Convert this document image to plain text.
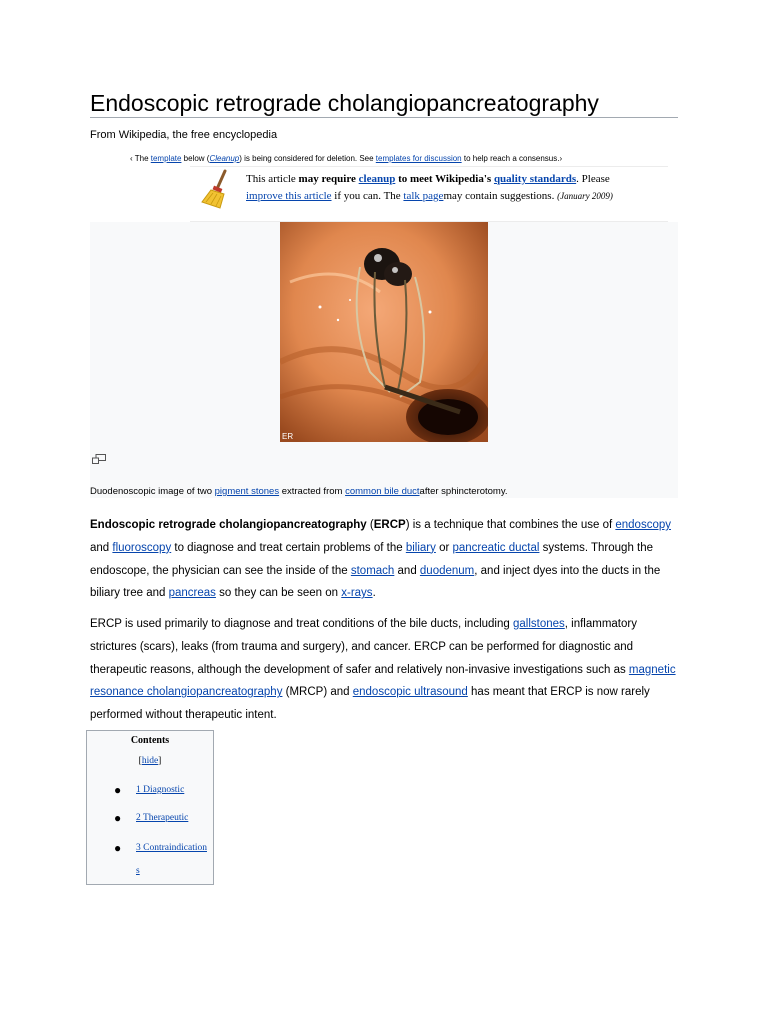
Endoscopic retrograde cholangiopancreatography
From Wikipedia, the free encyclopedia
‹ The template below (Cleanup) is being considered for deletion. See templates for discussion to help reach a consensus.›
This article may require cleanup to meet Wikipedia's quality standards. Please improve this article if you can. The talk pagemay contain suggestions. (January 2009)
ER
Duodenoscopic image of two pigment stones extracted from common bile ductafter sphincterotomy.

Endoscopic retrograde cholangiopancreatography (ERCP) is a technique that combines the use of endoscopy and fluoroscopy to diagnose and treat certain problems of the biliary or pancreatic ductal systems. Through the endoscope, the physician can see the inside of the stomach and duodenum, and inject dyes into the ducts in the biliary tree and pancreas so they can be seen on x-rays.

ERCP is used primarily to diagnose and treat conditions of the bile ducts, including gallstones, inflammatory strictures (scars), leaks (from trauma and surgery), and cancer. ERCP can be performed for diagnostic and therapeutic reasons, although the development of safer and relatively non-invasive investigations such as magnetic resonance cholangiopancreatography (MRCP) and endoscopic ultrasound has meant that ERCP is now rarely performed without therapeutic intent.

Contents
[hide]
● 1 Diagnostic
● 2 Therapeutic
● 3 Contraindications
